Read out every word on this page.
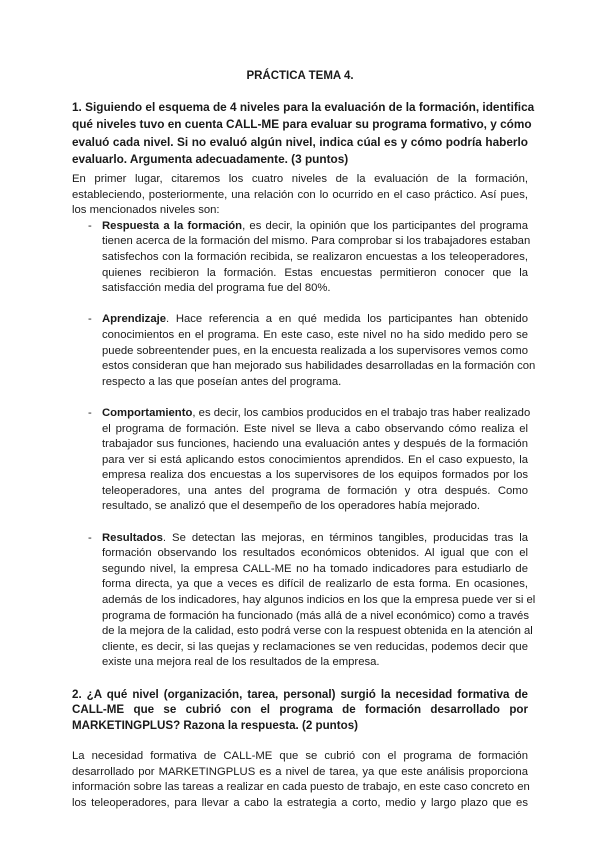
PRÁCTICA TEMA 4.
1. Siguiendo el esquema de 4 niveles para la evaluación de la formación, identifica
qué niveles tuvo en cuenta CALL-ME para evaluar su programa formativo, y cómo
evaluó cada nivel. Si no evaluó algún nivel, indica cúal es y cómo podría haberlo
evaluarlo. Argumenta adecuadamente. (3 puntos)
En primer lugar, citaremos los cuatro niveles de la evaluación de la formación,
estableciendo, posteriormente, una relación con lo ocurrido en el caso práctico. Así pues,
los mencionados niveles son:
- Respuesta a la formación, es decir, la opinión que los participantes del programa
tienen acerca de la formación del mismo. Para comprobar si los trabajadores estaban
satisfechos con la formación recibida, se realizaron encuestas a los teleoperadores,
quienes recibieron la formación. Estas encuestas permitieron conocer que la
satisfacción media del programa fue del 80%.
- Aprendizaje. Hace referencia a en qué medida los participantes han obtenido
conocimientos en el programa. En este caso, este nivel no ha sido medido pero se
puede sobreentender pues, en la encuesta realizada a los supervisores vemos como
estos consideran que han mejorado sus habilidades desarrolladas en la formación con
respecto a las que poseían antes del programa.
- Comportamiento, es decir, los cambios producidos en el trabajo tras haber realizado
el programa de formación. Este nivel se lleva a cabo observando cómo realiza el
trabajador sus funciones, haciendo una evaluación antes y después de la formación
para ver si está aplicando estos conocimientos aprendidos. En el caso expuesto, la
empresa realiza dos encuestas a los supervisores de los equipos formados por los
teleoperadores, una antes del programa de formación y otra después. Como
resultado, se analizó que el desempeño de los operadores había mejorado.
- Resultados. Se detectan las mejoras, en términos tangibles, producidas tras la
formación observando los resultados económicos obtenidos. Al igual que con el
segundo nivel, la empresa CALL-ME no ha tomado indicadores para estudiarlo de
forma directa, ya que a veces es difícil de realizarlo de esta forma. En ocasiones,
además de los indicadores, hay algunos indicios en los que la empresa puede ver si el
programa de formación ha funcionado (más allá de a nivel económico) como a través
de la mejora de la calidad, esto podrá verse con la respuest obtenida en la atención al
cliente, es decir, si las quejas y reclamaciones se ven reducidas, podemos decir que
existe una mejora real de los resultados de la empresa.
2. ¿A qué nivel (organización, tarea, personal) surgió la necesidad formativa de
CALL-ME que se cubrió con el programa de formación desarrollado por
MARKETINGPLUS? Razona la respuesta. (2 puntos)
La necesidad formativa de CALL-ME que se cubrió con el programa de formación
desarrollado por MARKETINGPLUS es a nivel de tarea, ya que este análisis proporciona
información sobre las tareas a realizar en cada puesto de trabajo, en este caso concreto en
los teleoperadores, para llevar a cabo la estrategia a corto, medio y largo plazo que es
